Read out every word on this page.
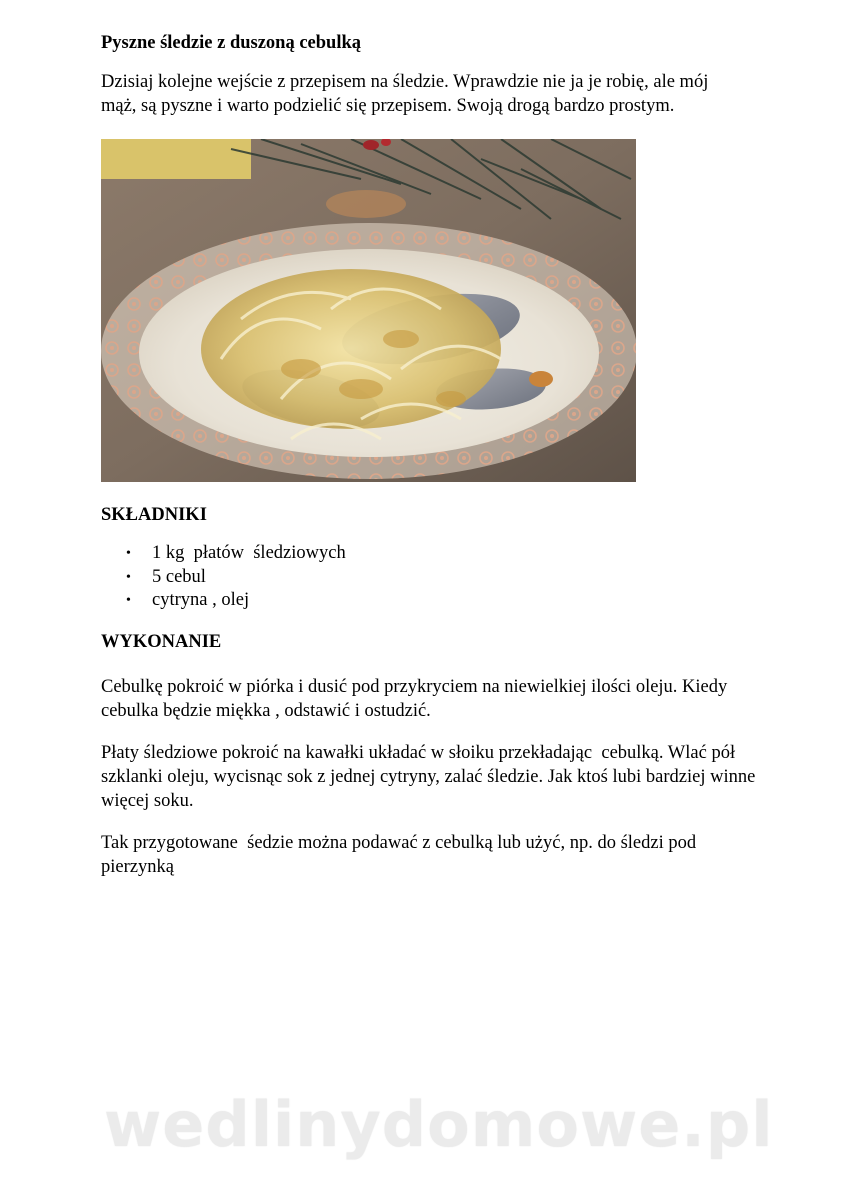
Pyszne śledzie z duszoną cebulką

Dzisiaj kolejne wejście z przepisem na śledzie. Wprawdzie nie ja je robię, ale mój mąż, są pyszne i warto podzielić się przepisem. Swoją drogą bardzo prostym.

SKŁADNIKI
• 1 kg  płatów  śledziowych
• 5 cebul
• cytryna , olej
WYKONANIE

Cebulkę pokroić w piórka i dusić pod przykryciem na niewielkiej ilości oleju. Kiedy cebulka będzie miękka , odstawić i ostudzić.

Płaty śledziowe pokroić na kawałki układać w słoiku przekładając  cebulką. Wlać pół szklanki oleju, wycisnąc sok z jednej cytryny, zalać śledzie. Jak ktoś lubi bardziej winne więcej soku.

Tak przygotowane  śedzie można podawać z cebulką lub użyć, np. do śledzi pod pierzynką

wedlinydomowe.pl
